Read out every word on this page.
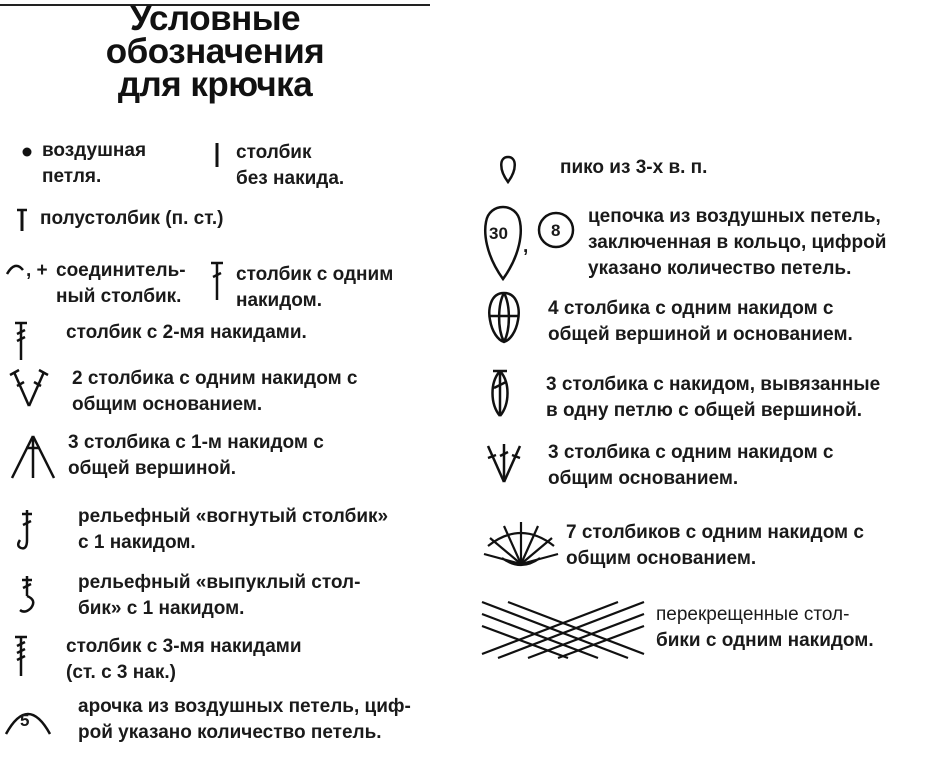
Условные
обозначения
для крючка
воздушная
петля.
столбик
без накида.
полустолбик (п. ст.)
, + соединитель-
ный столбик.
столбик с одним
накидом.
столбик с 2-мя накидами.
2 столбика с одним накидом с
общим основанием.
3 столбика с 1-м накидом с
общей вершиной.
рельефный «вогнутый столбик»
с 1 накидом.
рельефный «выпуклый стол-
бик» с 1 накидом.
столбик с 3-мя накидами
(ст. с 3 нак.)
5
арочка из воздушных петель, циф-
рой указано количество петель.
пико из 3-х в. п.
30
,
8
цепочка из воздушных петель,
заключенная в кольцо, цифрой
указано количество петель.
4 столбика с одним накидом с
общей вершиной и основанием.
3 столбика с накидом, вывязанные
в одну петлю с общей вершиной.
3 столбика с одним накидом с
общим основанием.
7 столбиков с одним накидом с
общим основанием.
перекрещенные стол-
бики с одним накидом.
